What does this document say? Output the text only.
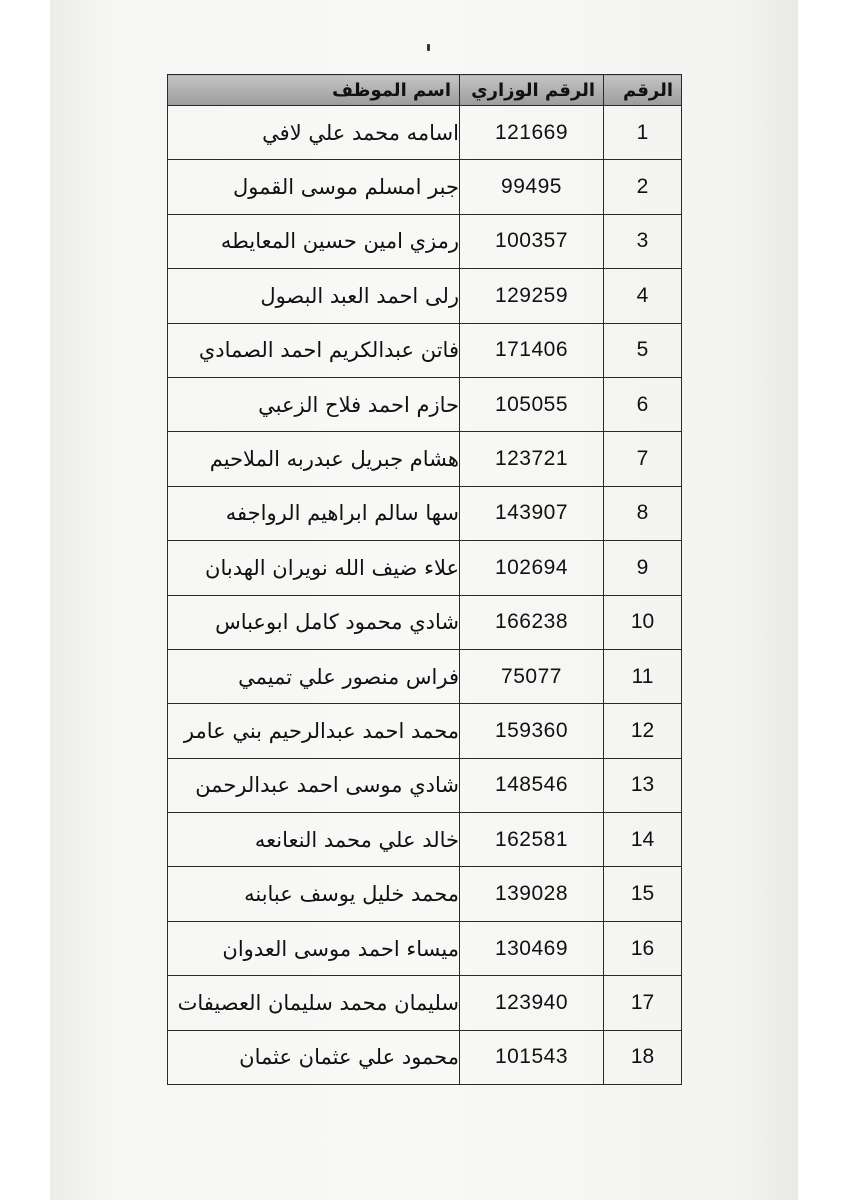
الرقم	الرقم الوزاري	اسم الموظف
1	121669	اسامه محمد علي لافي
2	99495	جبر امسلم موسى القمول
3	100357	رمزي امين حسين المعايطه
4	129259	رلى احمد العبد البصول
5	171406	فاتن عبدالكريم احمد الصمادي
6	105055	حازم احمد فلاح الزعبي
7	123721	هشام جبريل عبدربه الملاحيم
8	143907	سها سالم ابراهيم الرواجفه
9	102694	علاء ضيف الله نويران الهدبان
10	166238	شادي محمود كامل ابوعباس
11	75077	فراس منصور علي تميمي
12	159360	محمد احمد عبدالرحيم بني عامر
13	148546	شادي موسى احمد عبدالرحمن
14	162581	خالد علي محمد النعانعه
15	139028	محمد خليل يوسف عبابنه
16	130469	ميساء احمد موسى العدوان
17	123940	سليمان محمد سليمان العصيفات
18	101543	محمود علي عثمان عثمان
